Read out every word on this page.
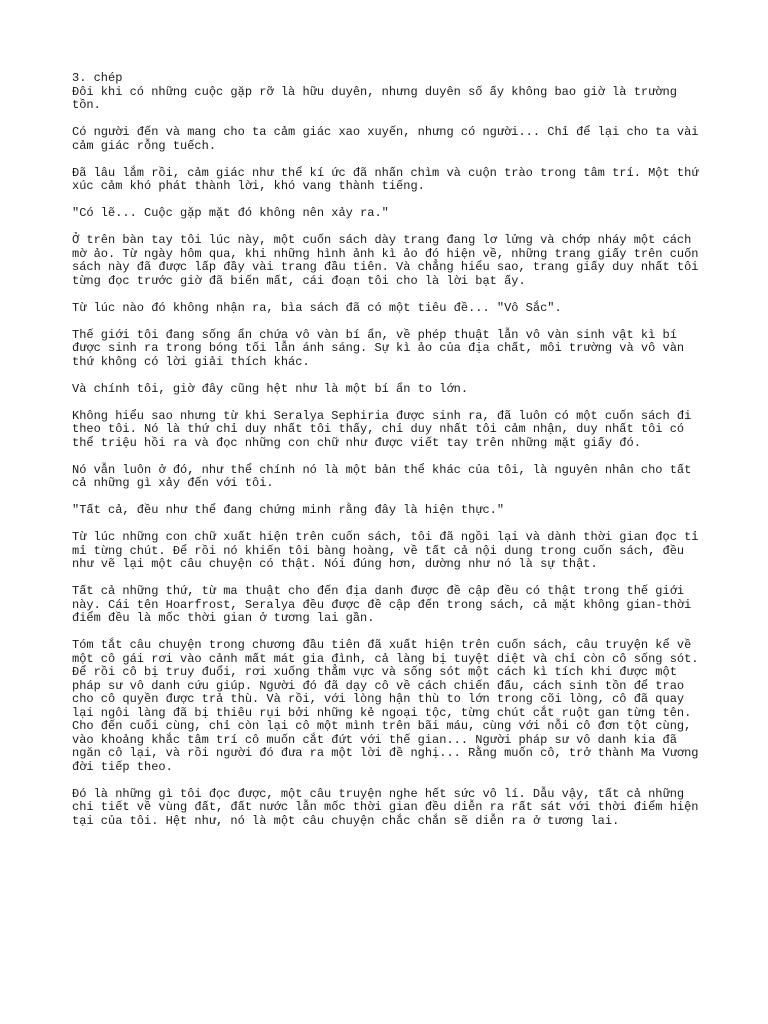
3. chép

Đôi khi có những cuộc gặp rỡ là hữu duyên, nhưng duyên số ấy không bao giờ là trường tồn.

Có người đến và mang cho ta cảm giác xao xuyến, nhưng có người... Chỉ để lại cho ta vài cảm giác rỗng tuếch.

Đã lâu lắm rồi, cảm giác như thể kí ức đã nhấn chìm và cuộn trào trong tâm trí. Một thứ xúc cảm khó phát thành lời, khó vang thành tiếng.

"Có lẽ... Cuộc gặp mặt đó không nên xảy ra."

Ở trên bàn tay tôi lúc này, một cuốn sách dày trang đang lơ lửng và chớp nháy một cách mờ ảo. Từ ngày hôm qua, khi những hình ảnh kì ảo đó hiện về, những trang giấy trên cuốn sách này đã được lấp đầy vài trang đầu tiên. Và chẳng hiểu sao, trang giấy duy nhất tôi từng đọc trước giờ đã biến mất, cái đoạn tôi cho là lời bạt ấy.

Từ lúc nào đó không nhận ra, bìa sách đã có một tiêu đề... "Vô Sắc".

Thế giới tôi đang sống ẩn chứa vô vàn bí ẩn, về phép thuật lẫn vô vàn sinh vật kì bí được sinh ra trong bóng tối lẫn ánh sáng. Sự kì ảo của địa chất, môi trường và vô vàn thứ không có lời giải thích khác.

Và chính tôi, giờ đây cũng hệt như là một bí ẩn to lớn.

Không hiểu sao nhưng từ khi Seralya Sephiria được sinh ra, đã luôn có một cuốn sách đi theo tôi. Nó là thứ chỉ duy nhất tôi thấy, chỉ duy nhất tôi cảm nhận, duy nhất tôi có thể triệu hồi ra và đọc những con chữ như được viết tay trên những mặt giấy đó.

Nó vẫn luôn ở đó, như thể chính nó là một bản thể khác của tôi, là nguyên nhân cho tất cả những gì xảy đến với tôi.

"Tất cả, đều như thể đang chứng minh rằng đây là hiện thực."

Từ lúc những con chữ xuất hiện trên cuốn sách, tôi đã ngồi lại và dành thời gian đọc tỉ mỉ từng chút. Để rồi nó khiến tôi bàng hoàng, về tất cả nội dung trong cuốn sách, đều như vẽ lại một câu chuyện có thật. Nói đúng hơn, dường như nó là sự thật.

Tất cả những thứ, từ ma thuật cho đến địa danh được đề cập đều có thật trong thế giới này. Cái tên Hoarfrost, Seralya đều được đề cập đến trong sách, cả mặt không gian-thời điểm đều là mốc thời gian ở tương lai gần.

Tóm tắt câu chuyện trong chương đầu tiên đã xuất hiện trên cuốn sách, câu truyện kể về một cô gái rơi vào cảnh mất mát gia đình, cả làng bị tuyệt diệt và chỉ còn cô sống sót. Để rồi cô bị truy đuổi, rơi xuống thẳm vực và sống sót một cách kì tích khi được một pháp sư vô danh cứu giúp. Người đó đã dạy cô về cách chiến đấu, cách sinh tồn để trao cho cô quyền được trả thù. Và rồi, với lòng hận thù to lớn trong cõi lòng, cô đã quay lại ngôi làng đã bị thiêu rụi bởi những kẻ ngoại tộc, từng chút cắt ruột gan từng tên. Cho đến cuối cùng, chỉ còn lại cô một mình trên bãi máu, cùng với nỗi cô đơn tột cùng, vào khoảng khắc tâm trí cô muốn cắt đứt với thế gian... Người pháp sư vô danh kia đã ngăn cô lại, và rồi người đó đưa ra một lời đề nghị... Rằng muốn cô, trở thành Ma Vương đời tiếp theo.

Đó là những gì tôi đọc được, một câu truyện nghe hết sức vô lí. Dẫu vậy, tất cả những chi tiết về vùng đất, đất nước lẫn mốc thời gian đều diễn ra rất sát với thời điểm hiện tại của tôi. Hệt như, nó là một câu chuyện chắc chắn sẽ diễn ra ở tương lai.
